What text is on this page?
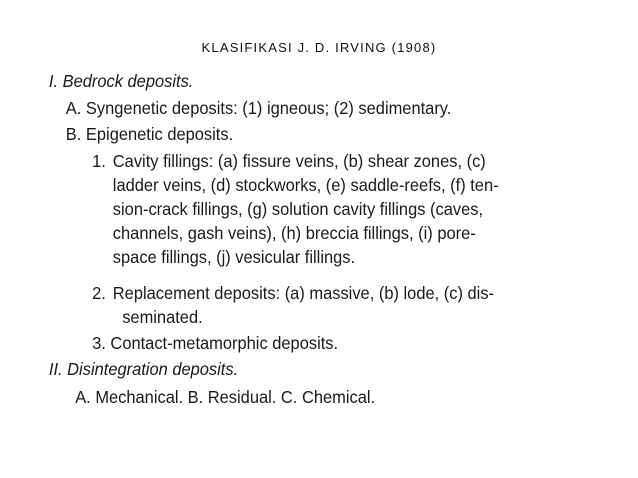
KLASIFIKASI J. D. IRVING (1908)
I. Bedrock deposits.
A. Syngenetic deposits: (1) igneous; (2) sedimentary.
B. Epigenetic deposits.
1. Cavity fillings: (a) fissure veins, (b) shear zones, (c)
ladder veins, (d) stockworks, (e) saddle-reefs, (f) ten-
sion-crack fillings, (g) solution cavity fillings (caves,
channels, gash veins), (h) breccia fillings, (i) pore-
space fillings, (j) vesicular fillings.
2. Replacement deposits: (a) massive, (b) lode, (c) dis-
seminated.
3. Contact-metamorphic deposits.
II. Disintegration deposits.
A. Mechanical. B. Residual. C. Chemical.
